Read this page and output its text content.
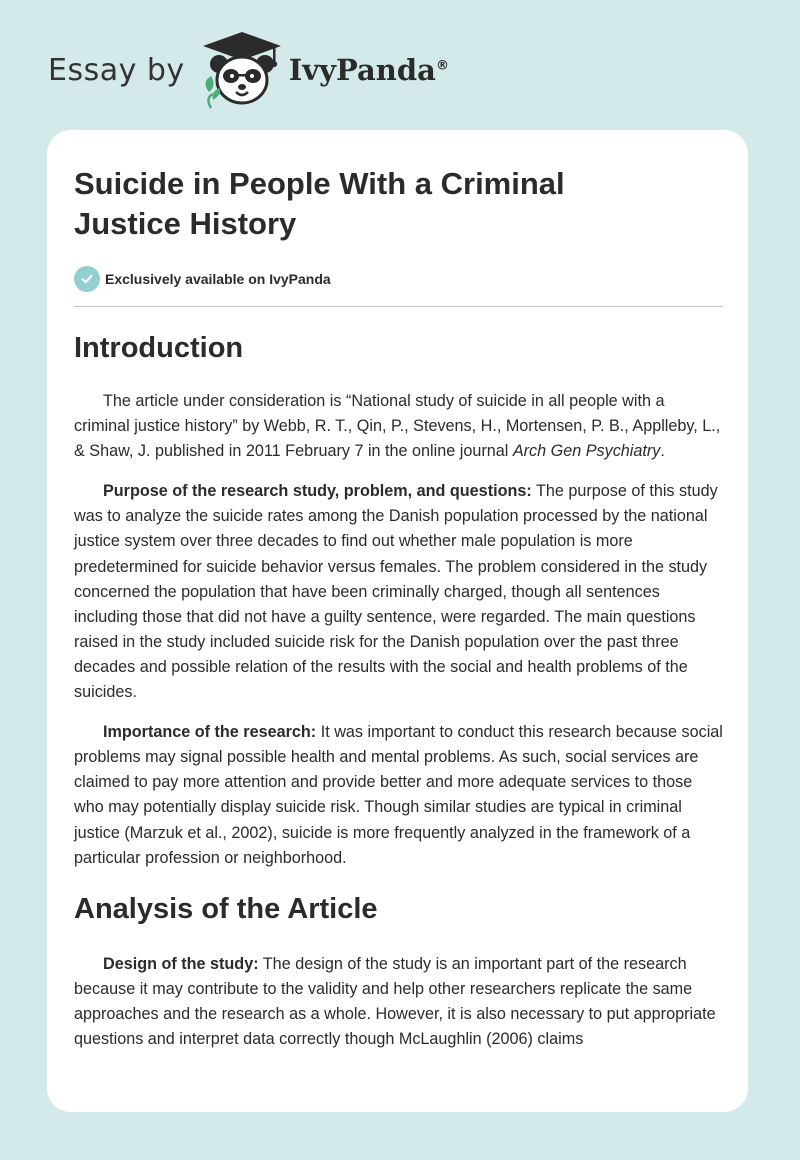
Essay by	IvyPanda®
Suicide in People With a Criminal Justice History
Exclusively available on IvyPanda
Introduction

The article under consideration is “National study of suicide in all people with a criminal justice history” by Webb, R. T., Qin, P., Stevens, H., Mortensen, P. B., Applleby, L., & Shaw, J. published in 2011 February 7 in the online journal Arch Gen Psychiatry.

Purpose of the research study, problem, and questions: The purpose of this study was to analyze the suicide rates among the Danish population processed by the national justice system over three decades to find out whether male population is more predetermined for suicide behavior versus females. The problem considered in the study concerned the population that have been criminally charged, though all sentences including those that did not have a guilty sentence, were regarded. The main questions raised in the study included suicide risk for the Danish population over the past three decades and possible relation of the results with the social and health problems of the suicides.

Importance of the research: It was important to conduct this research because social problems may signal possible health and mental problems. As such, social services are claimed to pay more attention and provide better and more adequate services to those who may potentially display suicide risk. Though similar studies are typical in criminal justice (Marzuk et al., 2002), suicide is more frequently analyzed in the framework of a particular profession or neighborhood.

Analysis of the Article

Design of the study: The design of the study is an important part of the research because it may contribute to the validity and help other researchers replicate the same approaches and the research as a whole. However, it is also necessary to put appropriate questions and interpret data correctly though McLaughlin (2006) claims
